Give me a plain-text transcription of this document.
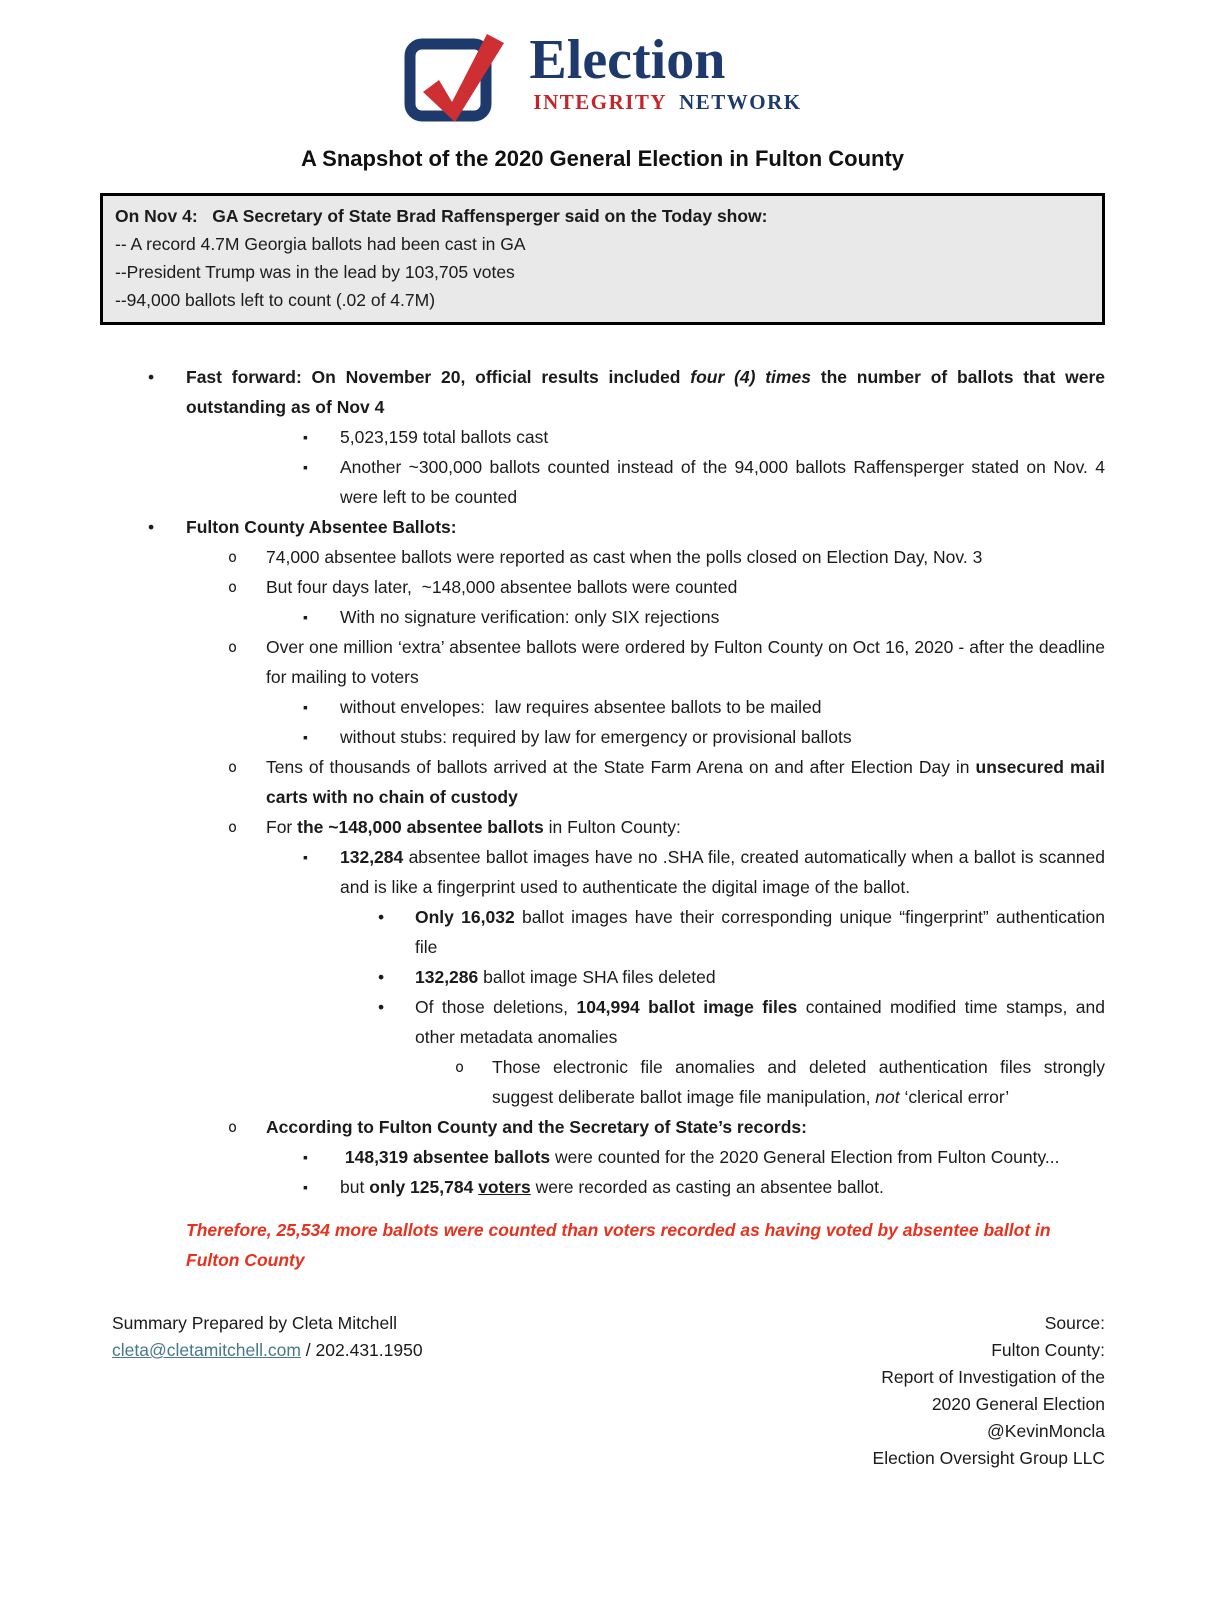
Election
INTEGRITY NETWORK
A Snapshot of the 2020 General Election in Fulton County
On Nov 4:   GA Secretary of State Brad Raffensperger said on the Today show:
-- A record 4.7M Georgia ballots had been cast in GA
--President Trump was in the lead by 103,705 votes
--94,000 ballots left to count (.02 of 4.7M)
• Fast forward: On November 20, official results included four (4) times the number of ballots that were outstanding as of Nov 4
▪ 5,023,159 total ballots cast
▪ Another ~300,000 ballots counted instead of the 94,000 ballots Raffensperger stated on Nov. 4 were left to be counted
• Fulton County Absentee Ballots:
o 74,000 absentee ballots were reported as cast when the polls closed on Election Day, Nov. 3
o But four days later,  ~148,000 absentee ballots were counted
▪ With no signature verification: only SIX rejections
o Over one million ‘extra’ absentee ballots were ordered by Fulton County on Oct 16, 2020 - after the deadline for mailing to voters
▪ without envelopes:  law requires absentee ballots to be mailed
▪ without stubs: required by law for emergency or provisional ballots
o Tens of thousands of ballots arrived at the State Farm Arena on and after Election Day in unsecured mail carts with no chain of custody
o For the ~148,000 absentee ballots in Fulton County:
▪ 132,284 absentee ballot images have no .SHA file, created automatically when a ballot is scanned and is like a fingerprint used to authenticate the digital image of the ballot.
• Only 16,032 ballot images have their corresponding unique “fingerprint” authentication file
• 132,286 ballot image SHA files deleted
• Of those deletions, 104,994 ballot image files contained modified time stamps, and other metadata anomalies
o Those electronic file anomalies and deleted authentication files strongly suggest deliberate ballot image file manipulation, not ‘clerical error’
o According to Fulton County and the Secretary of State’s records:
▪ 148,319 absentee ballots were counted for the 2020 General Election from Fulton County...
▪ but only 125,784 voters were recorded as casting an absentee ballot.

Therefore, 25,534 more ballots were counted than voters recorded as having voted by absentee ballot in Fulton County

Summary Prepared by Cleta Mitchell
cleta@cletamitchell.com / 202.431.1950
Source:
Fulton County:
Report of Investigation of the
2020 General Election
@KevinMoncla
Election Oversight Group LLC
